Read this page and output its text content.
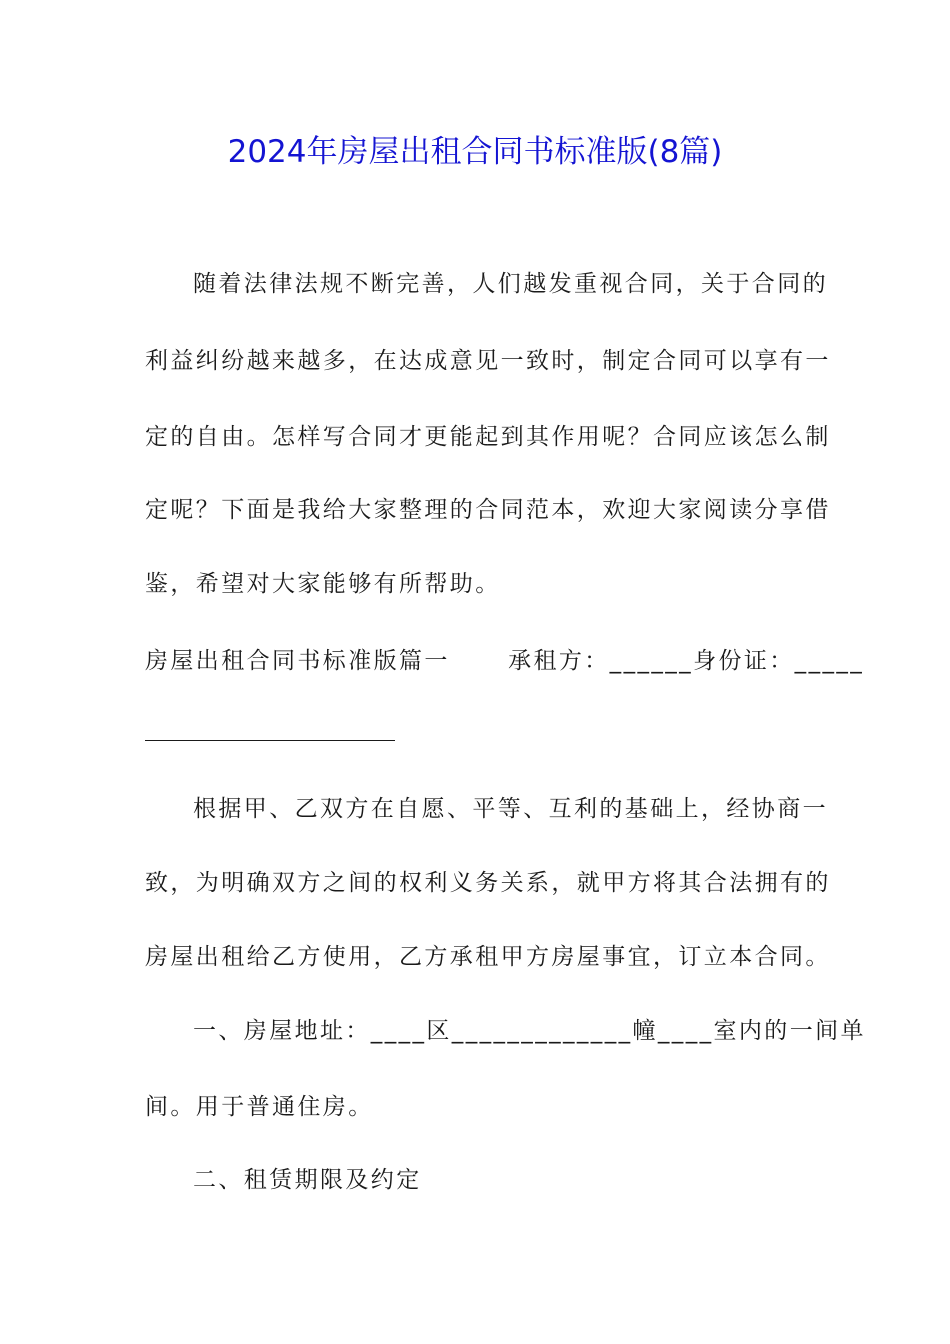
2024年房屋出租合同书标准版(8篇)
随着法律法规不断完善，人们越发重视合同，关于合同的
利益纠纷越来越多，在达成意见一致时，制定合同可以享有一
定的自由。怎样写合同才更能起到其作用呢？合同应该怎么制
定呢？下面是我给大家整理的合同范本，欢迎大家阅读分享借
鉴，希望对大家能够有所帮助。
房屋出租合同书标准版篇一      承租方：______身份证：_____
根据甲、乙双方在自愿、平等、互利的基础上，经协商一
致，为明确双方之间的权利义务关系，就甲方将其合法拥有的
房屋出租给乙方使用，乙方承租甲方房屋事宜，订立本合同。
一、房屋地址：____区_____________幢____室内的一间单
间。用于普通住房。
二、租赁期限及约定
